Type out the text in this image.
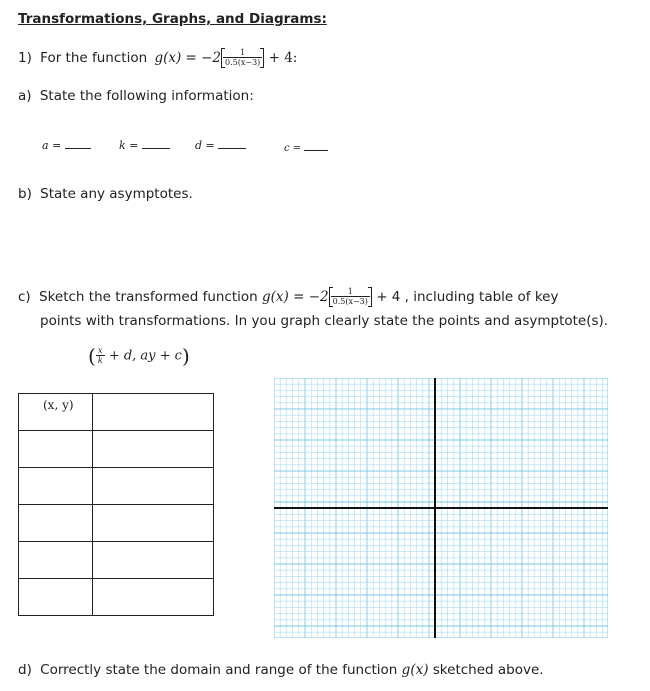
Transformations, Graphs, and Diagrams:
1) For the function $g(x) = -2 \frac{1}{0.5(x-3)} + 4$:
a) State the following information:
a =	k =	d =	c =
b) State any asymptotes.
c) Sketch the transformed function $g(x) = -2 \frac{1}{0.5(x-3)} + 4$ , including table of key
points with transformations. In you graph clearly state the points and asymptote(s).
( $\frac{x}{k} + d$, ay + c)
(x, y)	

d) Correctly state the domain and range of the function g(x) sketched above.
